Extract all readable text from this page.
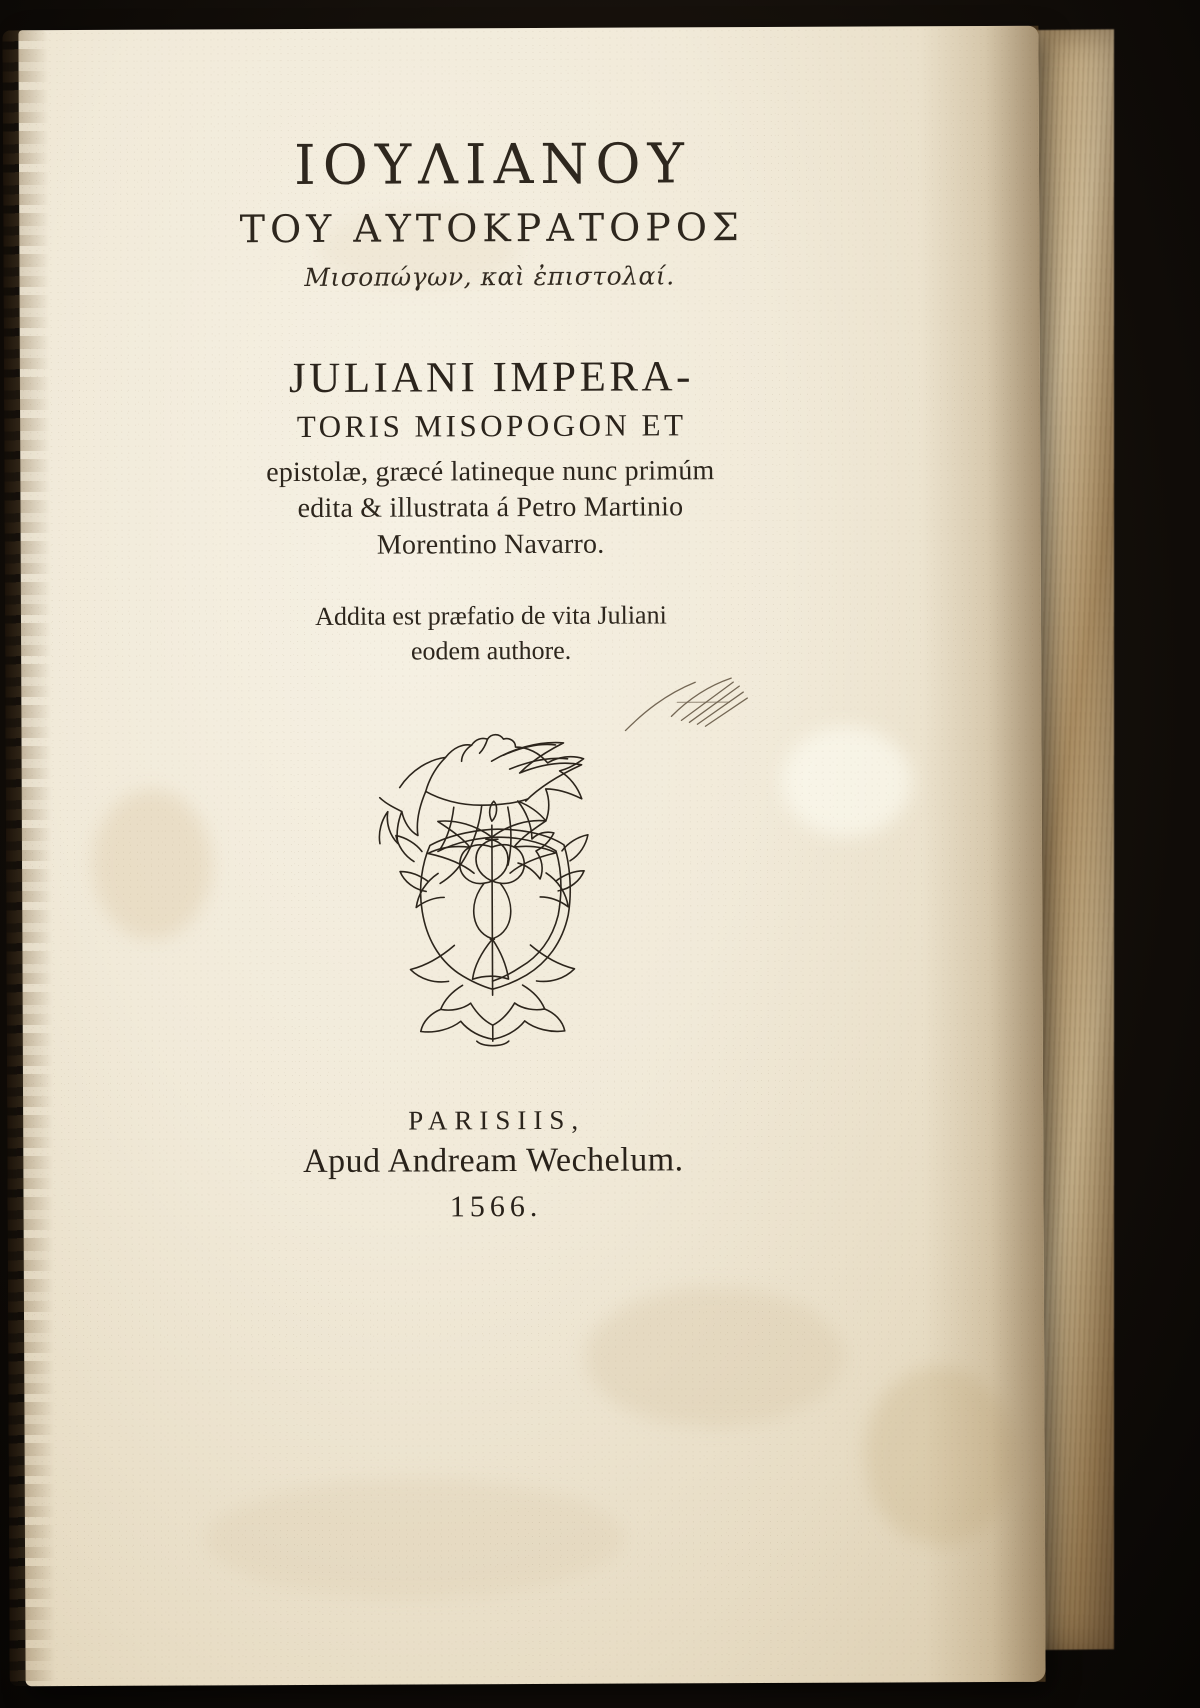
ΙΟΥΛΙΑΝΟΥ
ΤΟΥ ΑΥΤΟΚΡΑΤΟΡΟΣ
Μισοπώγων, καὶ ἐπιστολαί.
JULIANI IMPERA-
TORIS MISOPOGON ET
epistolæ, græcé latineque nunc primúm
edita & illustrata á Petro Martinio
Morentino Navarro.
Addita est præfatio de vita Juliani
eodem authore.
PARISIIS,
Apud Andream Wechelum.
1566.
